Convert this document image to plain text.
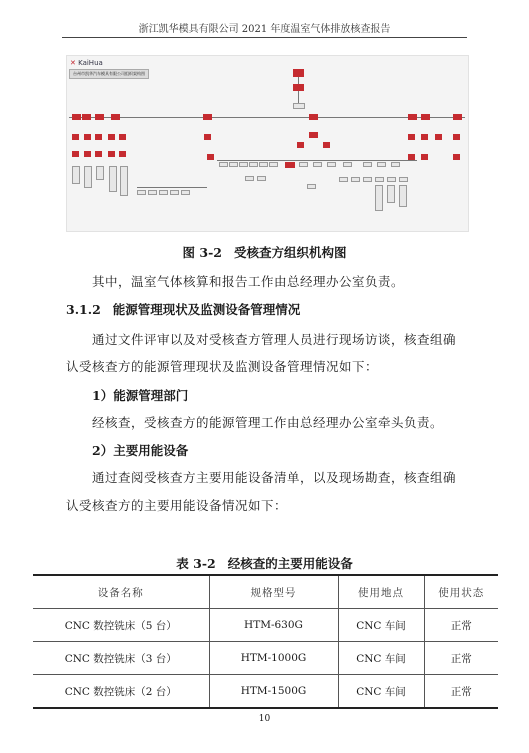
浙江凯华模具有限公司 2021 年度温室气体排放核查报告
✕ KaiHua
台州市凯华汽车模具有限公司组织架构图
图 3-2 受核查方组织机构图
其中，温室气体核算和报告工作由总经理办公室负责。
3.1.2 能源管理现状及监测设备管理情况
通过文件评审以及对受核查方管理人员进行现场访谈，核查组确
认受核查方的能源管理现状及监测设备管理情况如下：
1）能源管理部门
经核查，受核查方的能源管理工作由总经理办公室牵头负责。
2）主要用能设备
通过查阅受核查方主要用能设备清单，以及现场勘查，核查组确
认受核查方的主要用能设备情况如下：
表 3-2 经核查的主要用能设备
设备名称	规格型号	使用地点	使用状态
CNC 数控铣床（5 台）	HTM-630G	CNC 车间	正常
CNC 数控铣床（3 台）	HTM-1000G	CNC 车间	正常
CNC 数控铣床（2 台）	HTM-1500G	CNC 车间	正常
10
